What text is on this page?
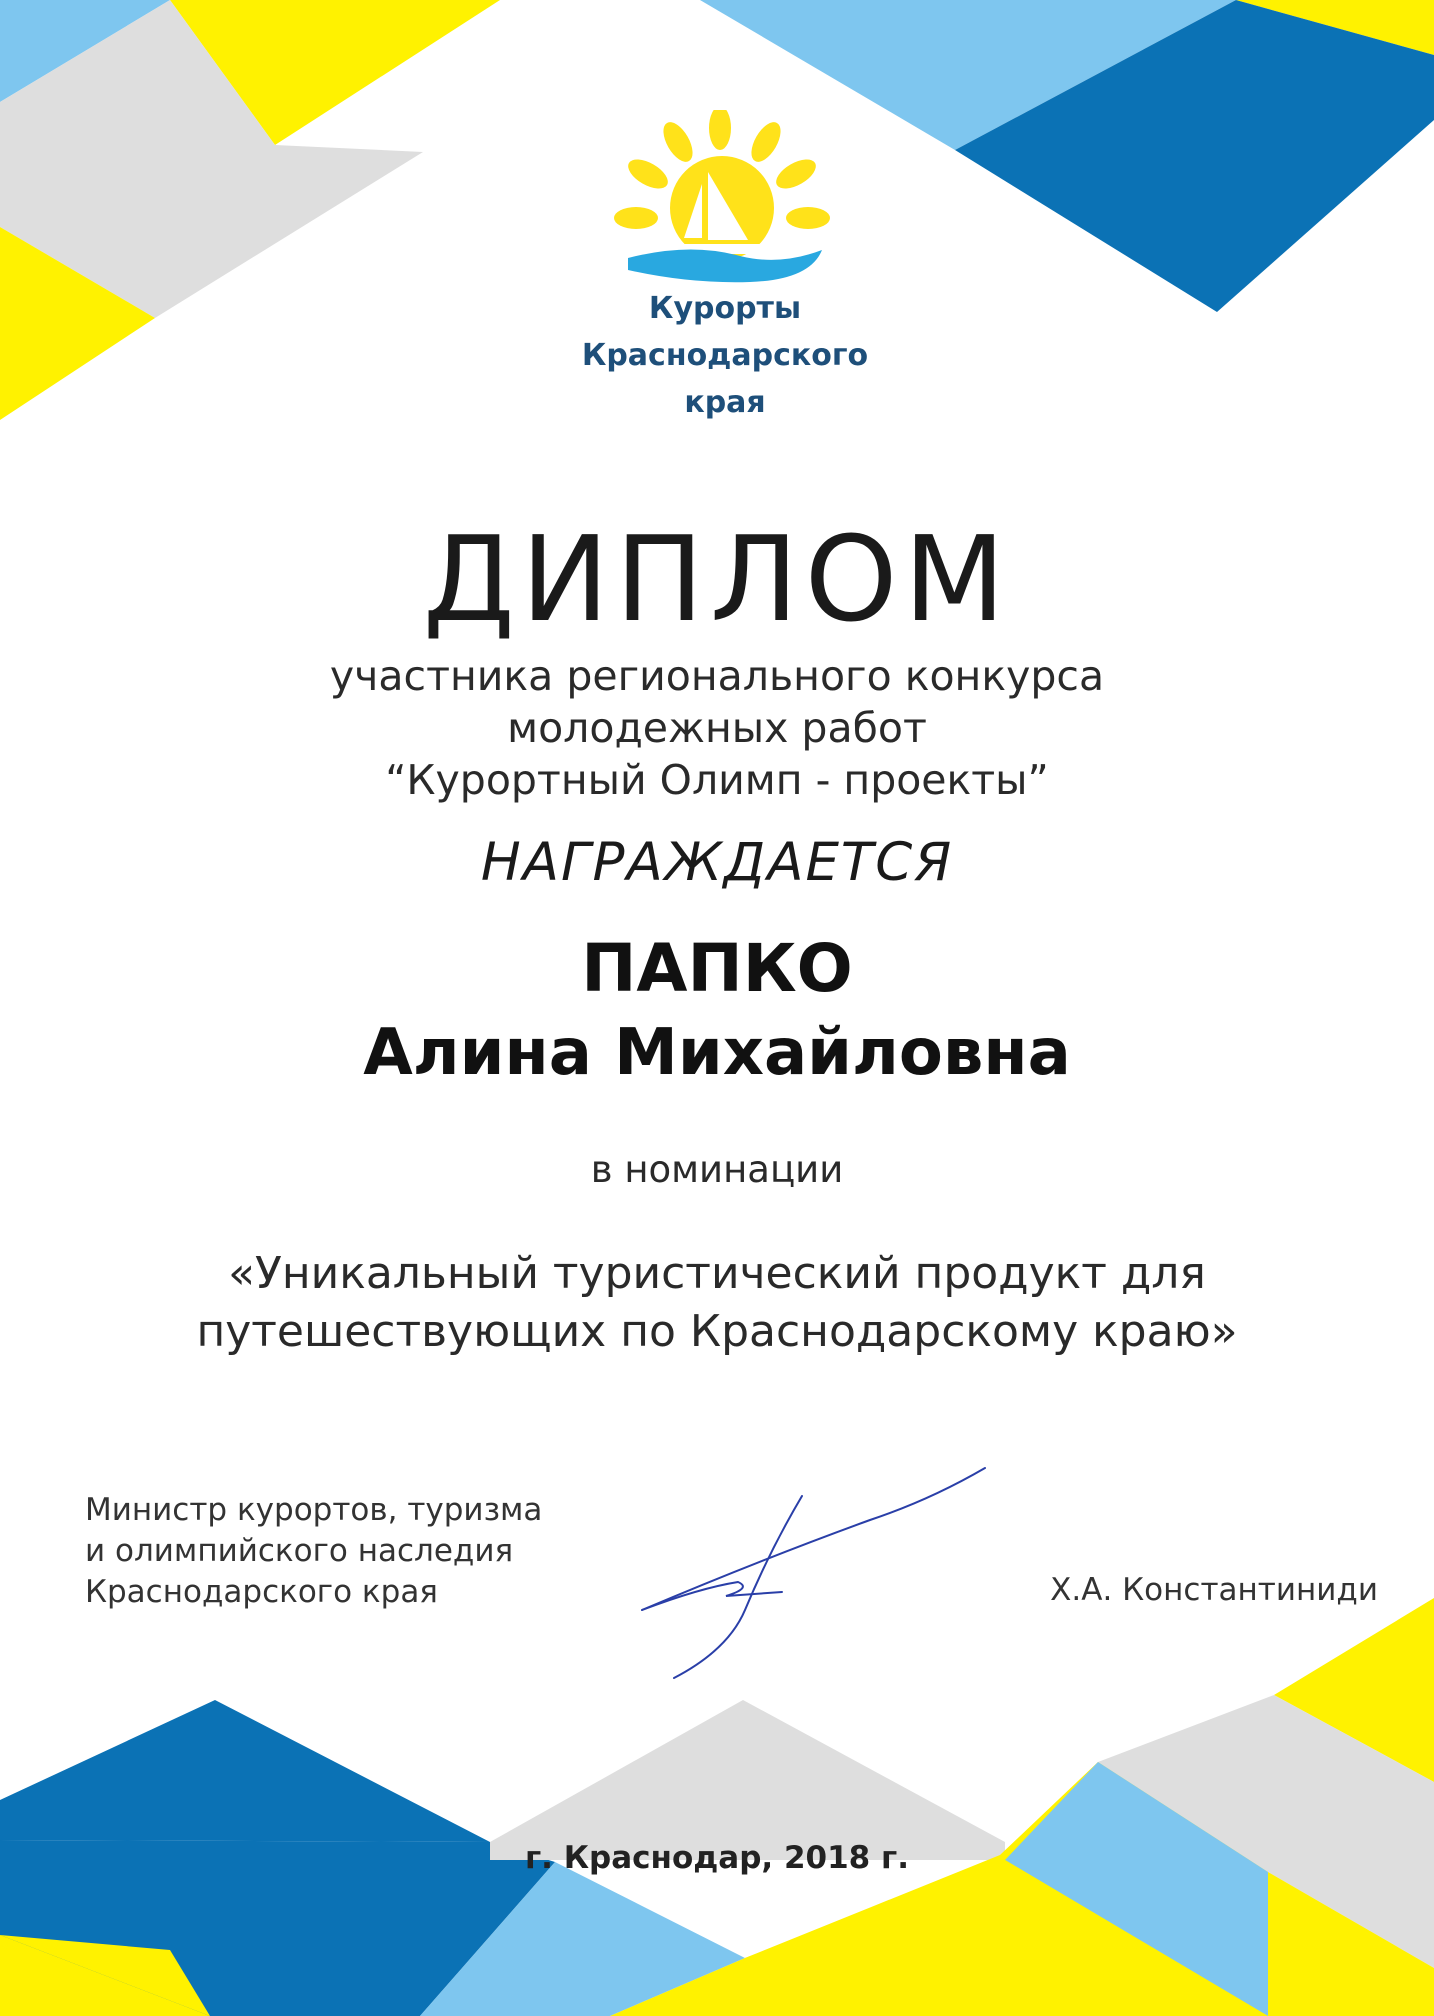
Курорты
Краснодарского
края
ДИПЛОМ
участника регионального конкурса
молодежных работ
“Курортный Олимп - проекты”
НАГРАЖДАЕТСЯ
ПАПКО
Алина Михайловна
в номинации
«Уникальный туристический продукт для
путешествующих по Краснодарскому краю»
Министр курортов, туризма
и олимпийского наследия
Краснодарского края	Х.А. Константиниди
г. Краснодар, 2018 г.
